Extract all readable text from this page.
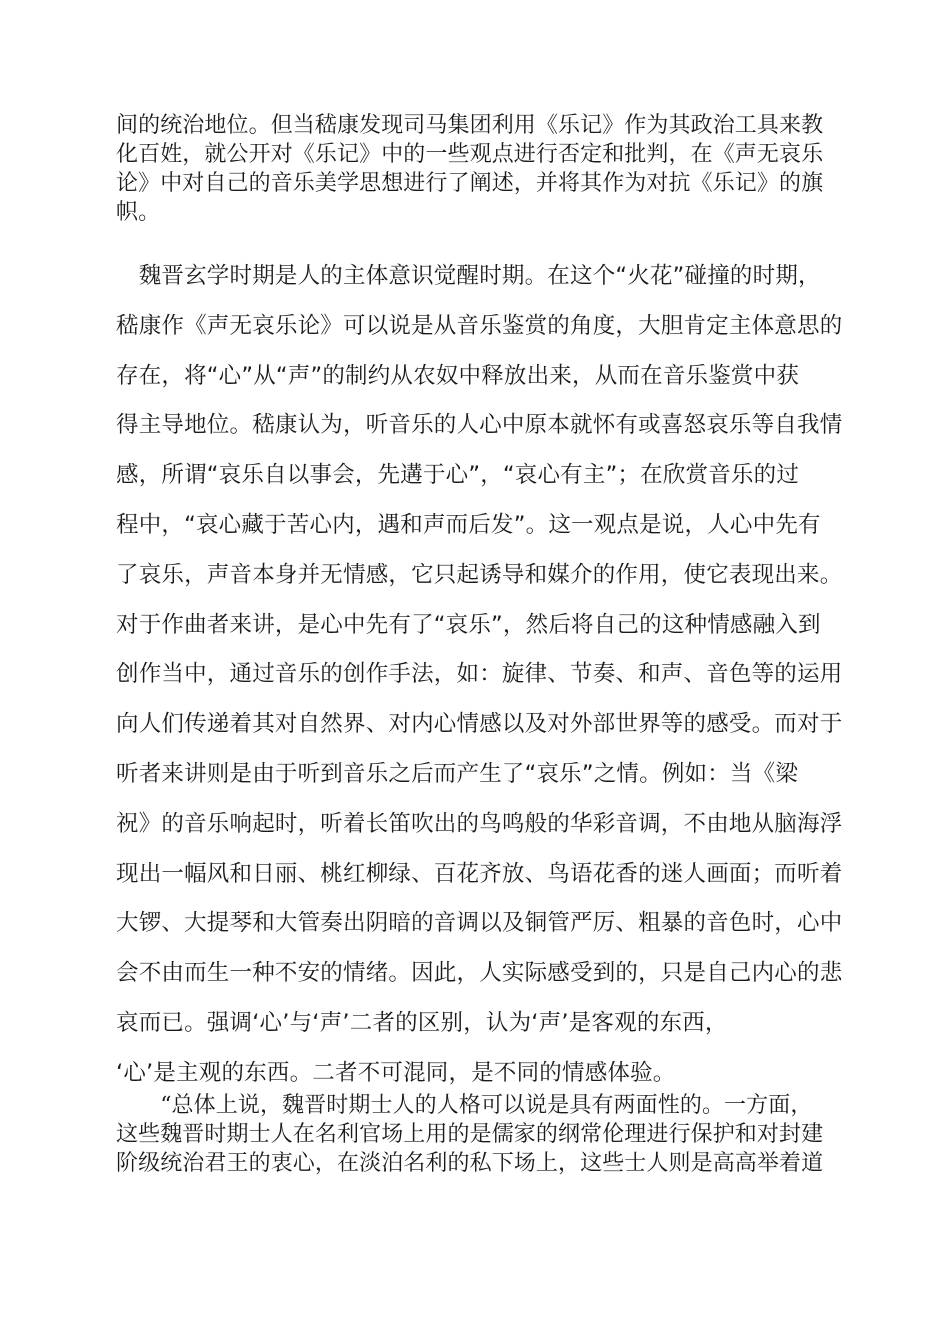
间的统治地位。但当嵇康发现司马集团利用《乐记》作为其政治工具来教
化百姓，就公开对《乐记》中的一些观点进行否定和批判，在《声无哀乐
论》中对自己的音乐美学思想进行了阐述，并将其作为对抗《乐记》的旗
帜。
　魏晋玄学时期是人的主体意识觉醒时期。在这个“火花”碰撞的时期，
嵇康作《声无哀乐论》可以说是从音乐鉴赏的角度，大胆肯定主体意思的
存在，将“心”从“声”的制约从农奴中释放出来，从而在音乐鉴赏中获
得主导地位。嵇康认为，听音乐的人心中原本就怀有或喜怒哀乐等自我情
感，所谓“哀乐自以事会，先遘于心”，“哀心有主”；在欣赏音乐的过
程中，“哀心藏于苦心内，遇和声而后发”。这一观点是说，人心中先有
了哀乐，声音本身并无情感，它只起诱导和媒介的作用，使它表现出来。
对于作曲者来讲，是心中先有了“哀乐”，然后将自己的这种情感融入到
创作当中，通过音乐的创作手法，如：旋律、节奏、和声、音色等的运用
向人们传递着其对自然界、对内心情感以及对外部世界等的感受。而对于
听者来讲则是由于听到音乐之后而产生了“哀乐”之情。例如：当《梁
祝》的音乐响起时，听着长笛吹出的鸟鸣般的华彩音调，不由地从脑海浮
现出一幅风和日丽、桃红柳绿、百花齐放、鸟语花香的迷人画面；而听着
大锣、大提琴和大管奏出阴暗的音调以及铜管严厉、粗暴的音色时，心中
会不由而生一种不安的情绪。因此，人实际感受到的，只是自己内心的悲
哀而已。强调‘心’与‘声’二者的区别，认为‘声’是客观的东西，
‘心’是主观的东西。二者不可混同，是不同的情感体验。
　　“总体上说，魏晋时期士人的人格可以说是具有两面性的。一方面，
这些魏晋时期士人在名利官场上用的是儒家的纲常伦理进行保护和对封建
阶级统治君王的衷心，在淡泊名利的私下场上，这些士人则是高高举着道
